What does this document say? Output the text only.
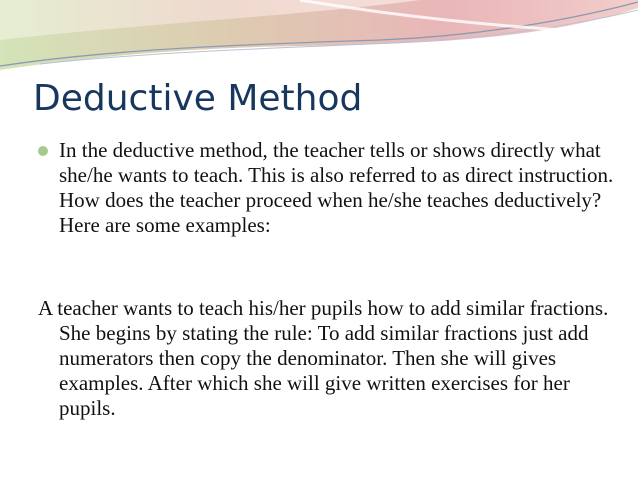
Deductive Method
In the deductive method, the teacher tells or shows directly what she/he wants to teach. This is also referred to as direct instruction. How does the teacher proceed when he/she teaches deductively? Here are some examples:
A teacher wants to teach his/her pupils how to add similar fractions. She begins by stating the rule: To add similar fractions just add numerators then copy the denominator. Then she will gives examples. After which she will give written exercises for her pupils.
